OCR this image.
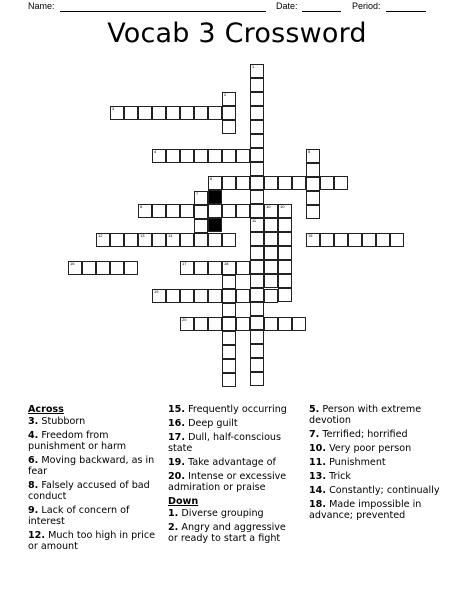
Name:	Date:	Period:
Vocab 3 Crossword
3
4
6
8	10 10
12	13	14	15
16	17	18
19
20
1
2
5
7
11
Across
3. Stubborn
4. Freedom from punishment or harm
6. Moving backward, as in fear
8. Falsely accused of bad conduct
9. Lack of concern of interest
12. Much too high in price or amount
15. Frequently occurring
16. Deep guilt
17. Dull, half-conscious state
19. Take advantage of
20. Intense or excessive admiration or praise
Down
1. Diverse grouping
2. Angry and aggressive or ready to start a fight
5. Person with extreme devotion
7. Terrified; horrified
10. Very poor person
11. Punishment
13. Trick
14. Constantly; continually
18. Made impossible in advance; prevented
